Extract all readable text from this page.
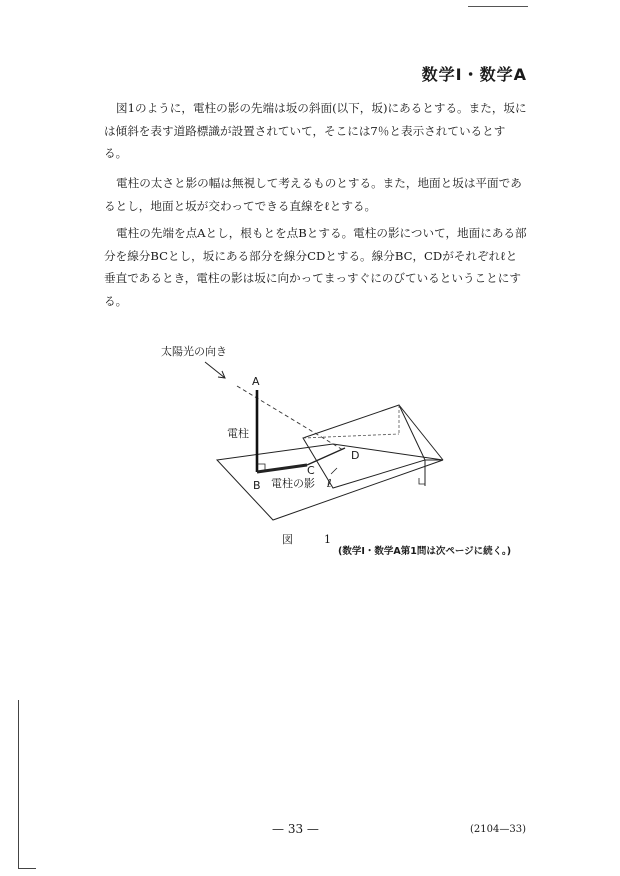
数学Ⅰ・数学A

図1のように，電柱の影の先端は坂の斜面(以下，坂)にあるとする。また，坂には傾斜を表す道路標識が設置されていて，そこには7％と表示されているとする。

電柱の太さと影の幅は無視して考えるものとする。また，地面と坂は平面であるとし，地面と坂が交わってできる直線をℓとする。

電柱の先端を点Aとし，根もとを点Bとする。電柱の影について，地面にある部分を線分BCとし，坂にある部分を線分CDとする。線分BC，CDがそれぞれℓと垂直であるとき，電柱の影は坂に向かってまっすぐにのびているということにする。

太陽光の向き
A
電柱
B 電柱の影
C
D
ℓ
図　1
(数学Ⅰ・数学A第1問は次ページに続く。)
— 33 —	(2104—33)
